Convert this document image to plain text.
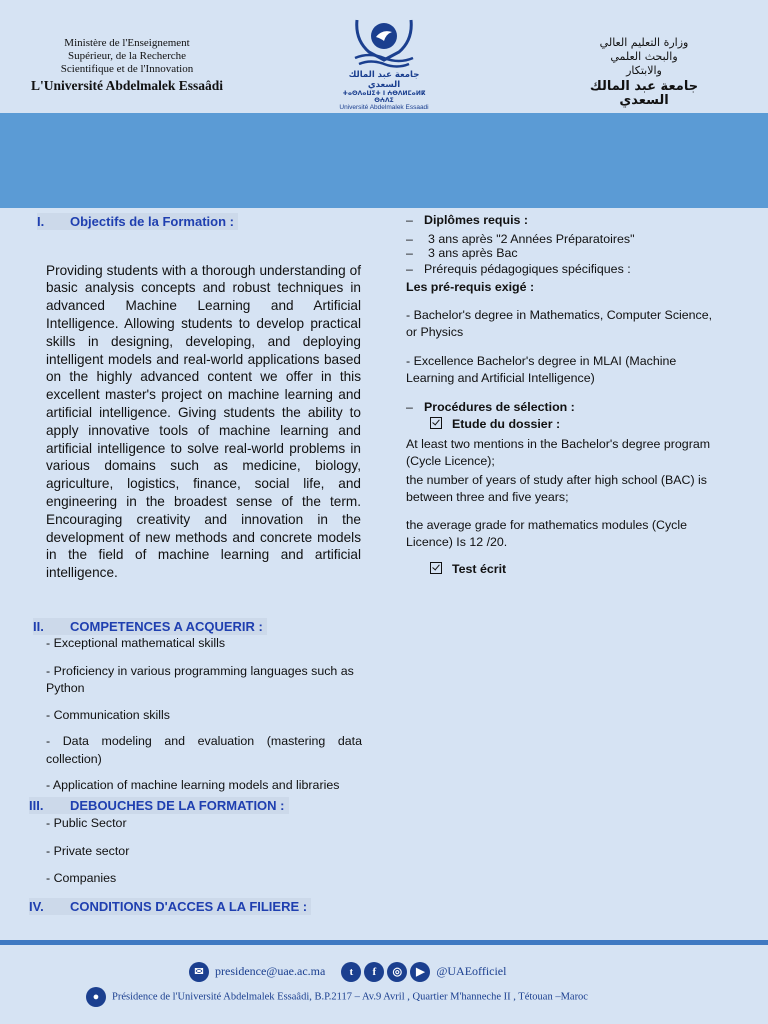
Ministère de l'Enseignement
Supérieur, de la Recherche
Scientifique et de l'Innovation
L'Université Abdelmalek Essaâdi
جامعة عبد المالك السعدي
ⵜⴰⵙⴷⴰⵡⵉⵜ ⵏ ⵄⴱⴷⵍⵎⴰⵍⴽ ⵙⵄⴷⵉ
Université Abdelmalek Essaadi
وزارة التعليم العالي
والبحث العلمي
والابتكار
جامعة عبد المالك السعدي
I. Objectifs de la Formation :

Providing students with a thorough understanding of basic analysis concepts and robust techniques in advanced Machine Learning and Artificial Intelligence. Allowing students to develop practical skills in designing, developing, and deploying intelligent models and real-world applications based on the highly advanced content we offer in this excellent master's project on machine learning and artificial intelligence. Giving students the ability to apply innovative tools of machine learning and artificial intelligence to solve real-world problems in various domains such as medicine, biology, agriculture, logistics, finance, social life, and engineering in the broadest sense of the term. Encouraging creativity and innovation in the development of new methods and concrete models in the field of machine learning and artificial intelligence.

II. COMPETENCES A ACQUERIR :
- Exceptional mathematical skills
- Proficiency in various programming languages such as Python
- Communication skills
- Data modeling and evaluation (mastering data collection)
- Application of machine learning models and libraries
III. DEBOUCHES DE LA FORMATION :
- Public Sector
- Private sector
- Companies
IV. CONDITIONS D'ACCES A LA FILIERE :
– Diplômes requis :
– 3 ans après "2 Années Préparatoires"
– 3 ans après Bac
– Prérequis pédagogiques spécifiques :
Les pré-requis exigé :
- Bachelor's degree in Mathematics, Computer Science, or Physics
- Excellence Bachelor's degree in MLAI (Machine Learning and Artificial Intelligence)
– Procédures de sélection :
Etude du dossier :
At least two mentions in the Bachelor's degree program (Cycle Licence);
the number of years of study after high school (BAC) is between three and five years;
the average grade for mathematics modules (Cycle Licence) Is 12 /20.
Test écrit
✉ presidence@uae.ac.ma t f ◎ ▶ @UAEofficiel
● Présidence de l'Université Abdelmalek Essaâdi, B.P.2117 – Av.9 Avril , Quartier M'hanneche II , Tétouan –Maroc
